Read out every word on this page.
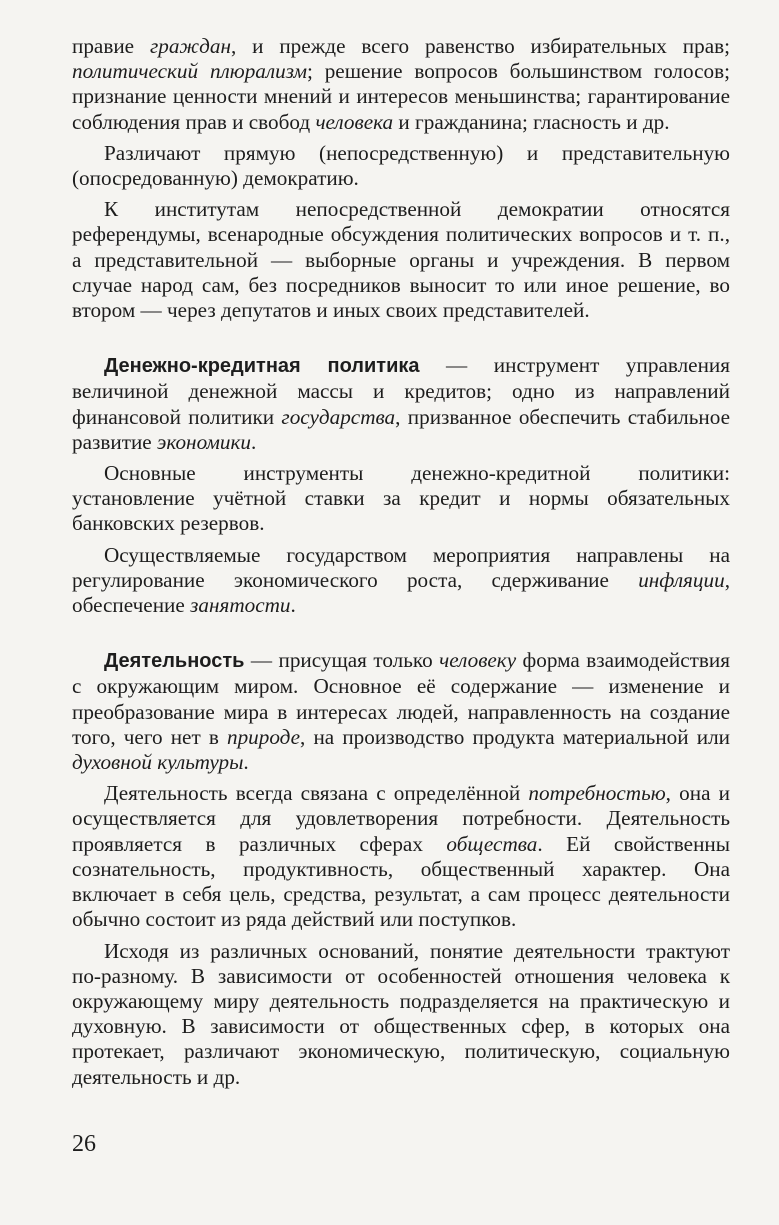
правие граждан, и прежде всего равенство избирательных прав; политический плюрализм; решение вопросов большинством голосов; признание ценности мнений и интересов меньшинства; гарантирование соблюдения прав и свобод человека и гражданина; гласность и др.

Различают прямую (непосредственную) и представительную (опосредованную) демократию.

К институтам непосредственной демократии относятся референдумы, всенародные обсуждения политических вопросов и т. п., а представительной — выборные органы и учреждения. В первом случае народ сам, без посредников выносит то или иное решение, во втором — через депутатов и иных своих представителей.

Денежно-кредитная политика — инструмент управления величиной денежной массы и кредитов; одно из направлений финансовой политики государства, призванное обеспечить стабильное развитие экономики.

Основные инструменты денежно-кредитной политики: установление учётной ставки за кредит и нормы обязательных банковских резервов.

Осуществляемые государством мероприятия направлены на регулирование экономического роста, сдерживание инфляции, обеспечение занятости.

Деятельность — присущая только человеку форма взаимодействия с окружающим миром. Основное её содержание — изменение и преобразование мира в интересах людей, направленность на создание того, чего нет в природе, на производство продукта материальной или духовной культуры.

Деятельность всегда связана с определённой потребностью, она и осуществляется для удовлетворения потребности. Деятельность проявляется в различных сферах общества. Ей свойственны сознательность, продуктивность, общественный характер. Она включает в себя цель, средства, результат, а сам процесс деятельности обычно состоит из ряда действий или поступков.

Исходя из различных оснований, понятие деятельности трактуют по-разному. В зависимости от особенностей отношения человека к окружающему миру деятельность подразделяется на практическую и духовную. В зависимости от общественных сфер, в которых она протекает, различают экономическую, политическую, социальную деятельность и др.

26
